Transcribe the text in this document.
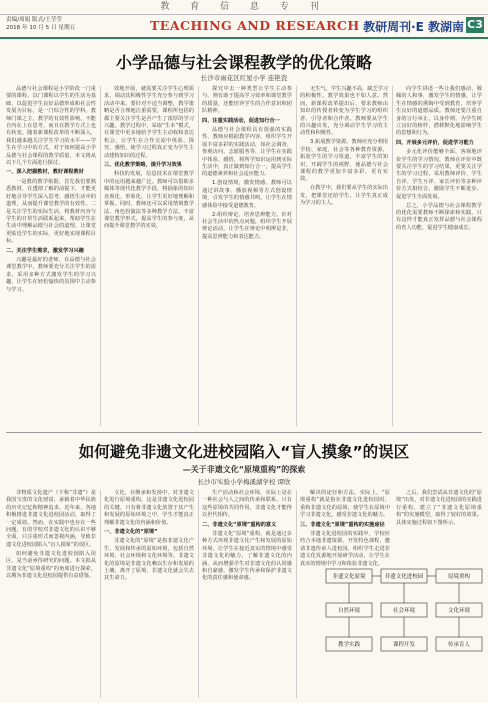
教 育 信 息 专 刊
责编/周娟 版式/王莹莹
2018 年 10 月 5 日 星期五	TEACHING AND RESEARCH 教研周刊·E 教湖南 C3
小学品德与社会课程教学的优化策略
长沙市雨花区红星小学 连艳瓷

品德与社会课程是小学阶段一门重要的课程，以门课程以学生的生活为基础，以促进学生良好品德形成和社会性发展为目标，是一门综合性的学科。教师门课之主，教学的有效性影响，不能自内在上在思考，而且在教学方式上也有转变。随着新课程改革的不断深入，我们越来越关注学生学习的水平——学生在学习中的方式。对于如何提高小学品德与社会课程的教学质量，本文将从以下几个方面进行探讨。

一、深入把握教材，教好课程教材

一是教的教学依据，首先我们要熟悉教材，在透彻了解的前提下，才能更好地引导学生深入思考，感悟生活中的道理，从而提升课堂教学的有效性。二是关注学生的实际生活，将教材内容与学生的日常生活联系起来，帮助学生在生活中理解品德与社会的道理，让课堂更贴近学生的实际，更好地实现课程目标。

二、关注学生需求，激发学习兴趣

兴趣是最好的老师，在品德与社会课堂教学中，教师要充分关注学生的需求，采用多种方式激发学生的学习兴趣，让学生在轻松愉快的氛围中主动参与学习。

效地开展，就需要关注学生心理需求，调动其积极性学生充分参与到学习活动中来。要针对不适当调整，教学策略是否合理地注重需要，课程所包括的都主要关注学生是否产生了浓厚的学习兴趣。教学过程中，采取“生本”模式，在课堂中更多地给予学生主动权和表达机会，让学生在合作交流中体验、探究、感悟，使学习过程真正变为学生主动建构知识的过程。

三、优化教学策略，提升学习效果

科技的发展，信息技术在课堂教学中的运用越来越广泛。教师可以借助多媒体等现代化教学手段，将抽象的知识直观化、形象化，让学生更好地理解和掌握。同时，教师还可以采用情境教学法、角色扮演法等多种教学方法，丰富课堂教学形式，提高学生的参与度，从而提升课堂教学的实效。

探究中去一种类型让学生主动参与，则有助于提高学习效率和课堂教学的质量，还能培养学生的合作意识和团队精神。

四、注重实践活动，促进知行合一

品德与社会课程具有很强的实践性，教师应根据教学内容，组织学生开展丰富多彩的实践活动，如社会调查、参观访问、志愿服务等，让学生在实践中体验、感悟，将所学知识运用到实际生活中，真正做到知行合一，提高学生的道德素养和社会适应能力。

1.创设情境，激发情感。教师可以通过讲故事、播放视频等方式创设情境，引发学生的情感共鸣，让学生在情感体验中接受道德教育。

2.组织辩论，培养思辨能力。针对社会生活中的热点问题，组织学生开展辩论活动，让学生在辩论中明辨是非，提高思辨能力和表达能力。

无生气，学生兴趣不高，缺乏学习的积极性。教学效果也不如人意。然而，新课程改革提出后，要求教师由知识的传授者转变为学生学习的组织者、引导者和合作者。教师要从学生的兴趣出发，充分调动学生学习的主动性和积极性。

3.拓展教学资源。教师应充分利用学校、家庭、社会等各种教育资源，拓宽学生的学习渠道，丰富学生的知识，开阔学生的视野，使品德与社会课程的教学更加丰富多彩，更有实效。

在教学中，我们要从学生的实际出发，把课堂还给学生，让学生真正成为学习的主人。

向学生讲述一些让我们感动、敬佩的人和事，激发学生的情感，让学生在情感的熏陶中受到教育，培养学生良好的道德品质。教师还要注重自身的言行举止，以身作则，为学生树立良好的榜样，潜移默化地影响学生的思想和行为。

四、开展多元评价，促进学习能力

多元化评价能够全面、客观地评价学生的学习情况，教师在评价中既要关注学生的学习结果，更要关注学生的学习过程，采用教师评价、学生自评、学生互评、家长评价等多种评价方式相结合，激励学生不断进步，促进学生全面发展。

总之，小学品德与社会课程教学的优化需要教师不断探索和实践，只有这样才能真正发挥品德与社会课程的育人功能，促进学生健康成长。

如何避免非遗文化进校园陷入“盲人摸象”的误区
—关于非遗文化“原境重构”的探索
长沙市实验小学梅溪湖学校 谭欣

非物质文化遗产（下称“非遗”）是我国宝贵的文化财富，承载着中华民族的历史记忆和精神追求。近年来，各地积极推进非遗文化进校园活动，取得了一定成效。然而，在实践中也存在一些问题，有的学校对非遗文化的认识不够全面，只注重形式而忽视内涵，导致非遗文化进校园陷入“盲人摸象”的误区。

如何避免非遗文化进校园陷入误区，是当前亟待研究的问题。本文拟从非遗文化“原境重构”的角度进行探索，以期为非遗文化进校园提供有益借鉴。

文化，在继承和发扬中，对非遗文化进行原境重构，这是非遗文化进校园的关键。只有将非遗文化放置于其产生和发展的原始环境之中，学生才能真正理解非遗文化的内涵和价值。

一、非遗文化的“原境”

非遗文化的“原境”是指非遗文化产生、发展和传承的原始环境，包括自然环境、社会环境和文化环境等。非遗文化的原境是非遗文化赖以生存和发展的土壤，离开了原境，非遗文化就会失去其生命力。

生产活动和社会环境，实际上是在一种社会与人之间的传承和联系，只有这些原境的共同作用，非遗文化才能得以世代相传。

二、非遗文化“原境”重构的意义

非遗文化“原境”重构，就是通过多种方式再现非遗文化产生和发展的原始环境，让学生在接近真实的情境中感受非遗文化的魅力，了解非遗文化的内涵，从而增强学生对非遗文化的认同感和自豪感，激发学生传承和保护非遗文化的责任感和使命感。

解决的途径和方法，实际上，“原境重构”就是指在非遗文化进校园时，重构非遗文化的原境，使学生在原境中学习非遗文化，感受非遗文化的魅力。

三、非遗文化“原境”重构的实施途径

非遗文化进校园的实践中，学校应结合本地非遗资源，开发特色课程，邀请非遗传承人进校园，组织学生走进非遗文化发源地开展研学活动，让学生在真实的情境中学习和体验非遗文化。

之后，我们尝试从非遗文化的“原境”出发，对非遗文化进校园的实践进行重构，建立了“非遗文化原境重构”的实施模型，取得了较好的效果。具体实施过程如下图所示。

非遗文化原境	非遗文化进校园	原境重构
自然环境	社会环境	文化环境
教学实践	课程开发	传承育人
